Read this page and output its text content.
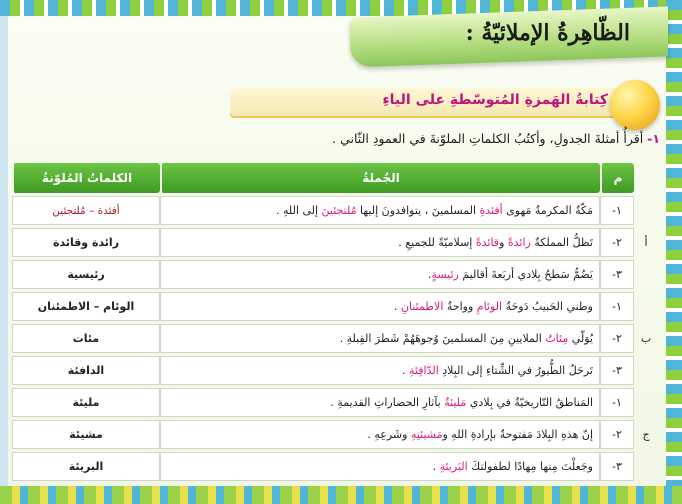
الظّاهِرةُ الإملائيّةُ :
كِتابةُ الهَمزةِ المُتوسّطةِ على الياءِ
١- أقرأُ أمثلةَ الجدولِ، وأكتُبُ الكلماتِ الملوّنةَ في العمودِ الثّاني .
	م	الجُملةُ	الكلماتُ المُلوّنةُ
	١-	مَكّةُ المكرمةُ مَهوى أفئدةِ المسلمينَ ، يتوافدونَ إليها مُلتجئينَ إلى اللهِ .	أفئدة – مُلتجئين
أ	٢-	تَظلُّ المملكةُ رائدةً وقائدةً إسلاميّةً للجميعِ .	رائدة وقائدة
	٣-	يَضُمُّ سَطحُ بِلادي أربَعةَ أقاليمَ رئيسةٍ.	رئيسية
	١-	وطني الحَبيبُ دَوحَةُ الوئامِ وواحةُ الاطمئنانِ .	الوئام – الاطمئنان
ب	٢-	يُوَلّي مِئاتُ الملايينِ مِنَ المسلمينَ وُجوهَهُمْ شَطرَ القِبلةِ .	مئات
	٣-	تَرحَلُ الطُّيورُ في الشِّتاءِ إلى البِلادِ الدّافِئةِ .	الدافئة
	١-	المَناطقُ التّاريخيّةُ في بِلادي مَليئةٌ بآثارِ الحضاراتِ القديمةِ .	مليئة
ج	٢-	إنّ هذهِ البِلادَ مَفتوحةٌ بإرادةِ اللهِ ومَشيئتِهِ وشَرعِهِ .	مشيئة
	٣-	وجَعلْتَ مِنها مِهادًا لطفولتكَ البَريئةِ .	البريئة
